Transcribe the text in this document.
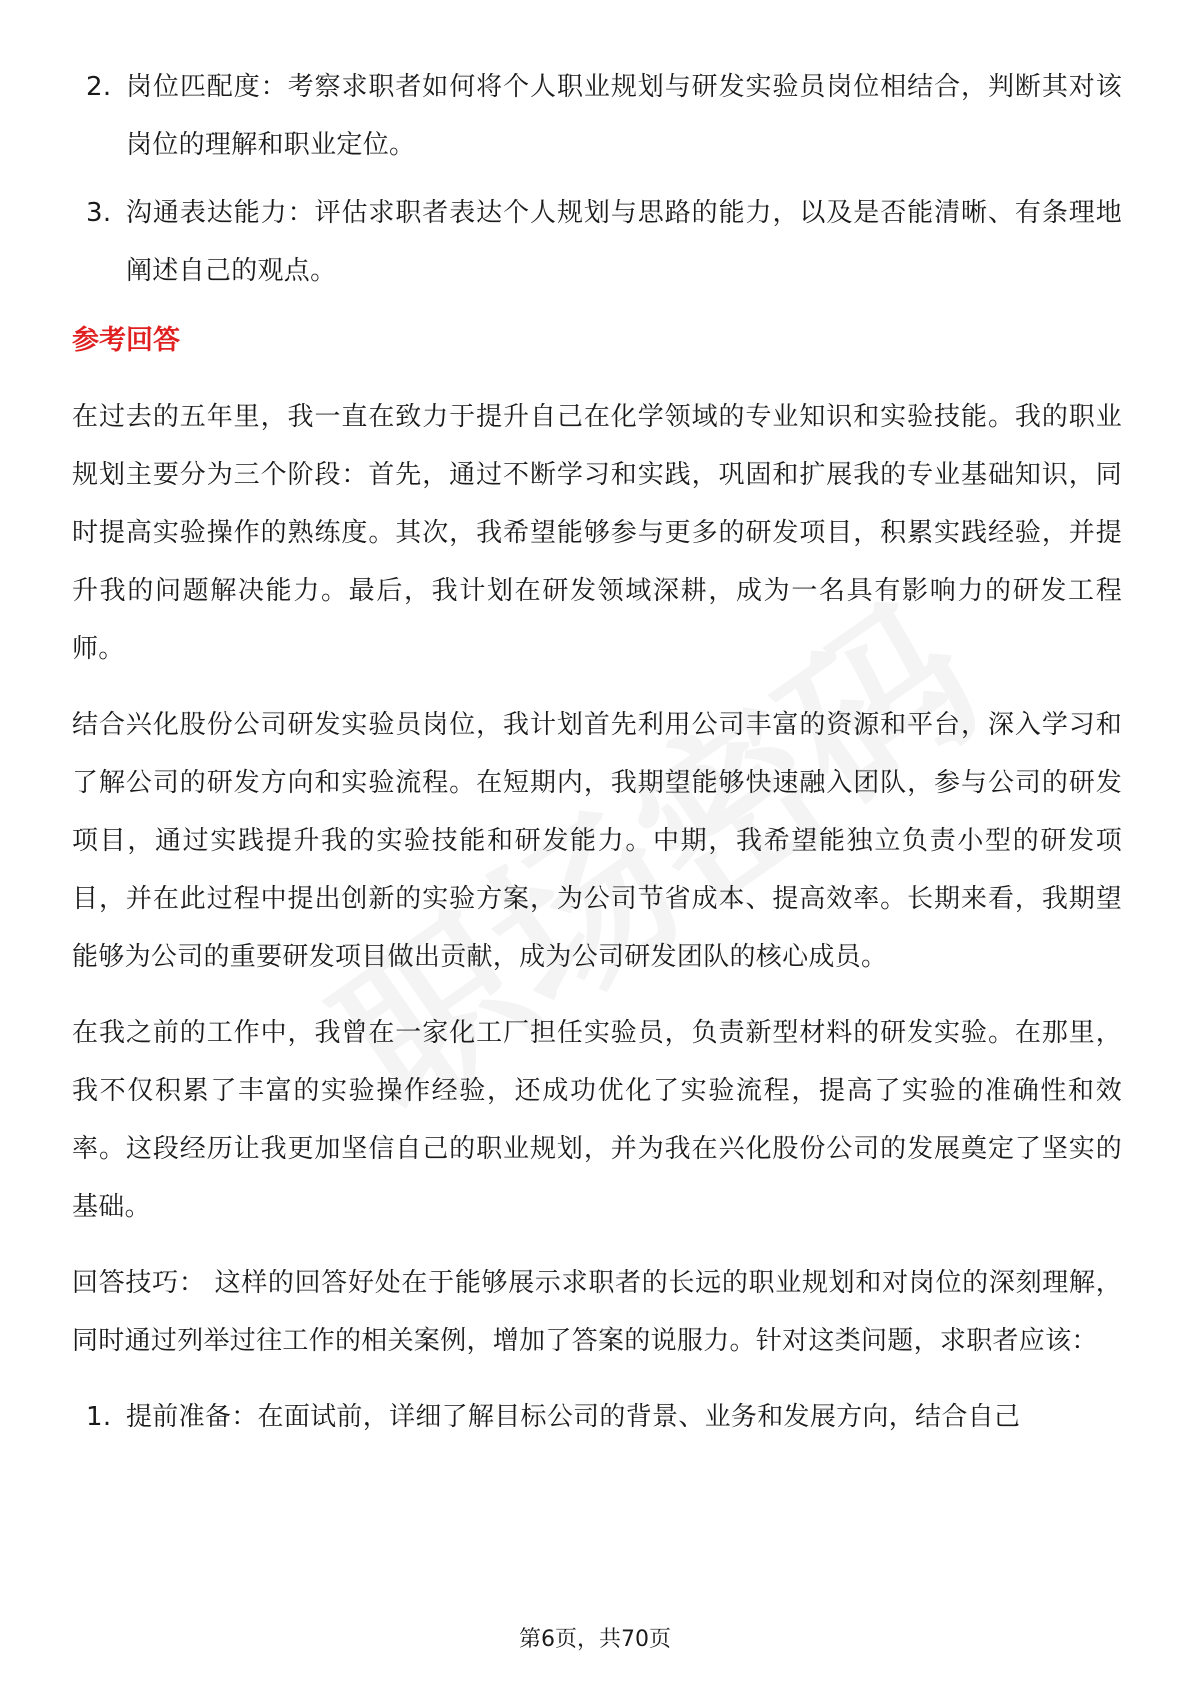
2. 岗位匹配度：考察求职者如何将个人职业规划与研发实验员岗位相结合，判断其对该岗位的理解和职业定位。
3. 沟通表达能力：评估求职者表达个人规划与思路的能力，以及是否能清晰、有条理地阐述自己的观点。
参考回答

在过去的五年里，我一直在致力于提升自己在化学领域的专业知识和实验技能。我的职业规划主要分为三个阶段：首先，通过不断学习和实践，巩固和扩展我的专业基础知识，同时提高实验操作的熟练度。其次，我希望能够参与更多的研发项目，积累实践经验，并提升我的问题解决能力。最后，我计划在研发领域深耕，成为一名具有影响力的研发工程师。

结合兴化股份公司研发实验员岗位，我计划首先利用公司丰富的资源和平台，深入学习和了解公司的研发方向和实验流程。在短期内，我期望能够快速融入团队，参与公司的研发项目，通过实践提升我的实验技能和研发能力。中期，我希望能独立负责小型的研发项目，并在此过程中提出创新的实验方案，为公司节省成本、提高效率。长期来看，我期望能够为公司的重要研发项目做出贡献，成为公司研发团队的核心成员。

在我之前的工作中，我曾在一家化工厂担任实验员，负责新型材料的研发实验。在那里，我不仅积累了丰富的实验操作经验，还成功优化了实验流程，提高了实验的准确性和效率。这段经历让我更加坚信自己的职业规划，并为我在兴化股份公司的发展奠定了坚实的基础。

回答技巧： 这样的回答好处在于能够展示求职者的长远的职业规划和对岗位的深刻理解，同时通过列举过往工作的相关案例，增加了答案的说服力。针对这类问题，求职者应该：

1. 提前准备：在面试前，详细了解目标公司的背景、业务和发展方向，结合自己
第6页，共70页
